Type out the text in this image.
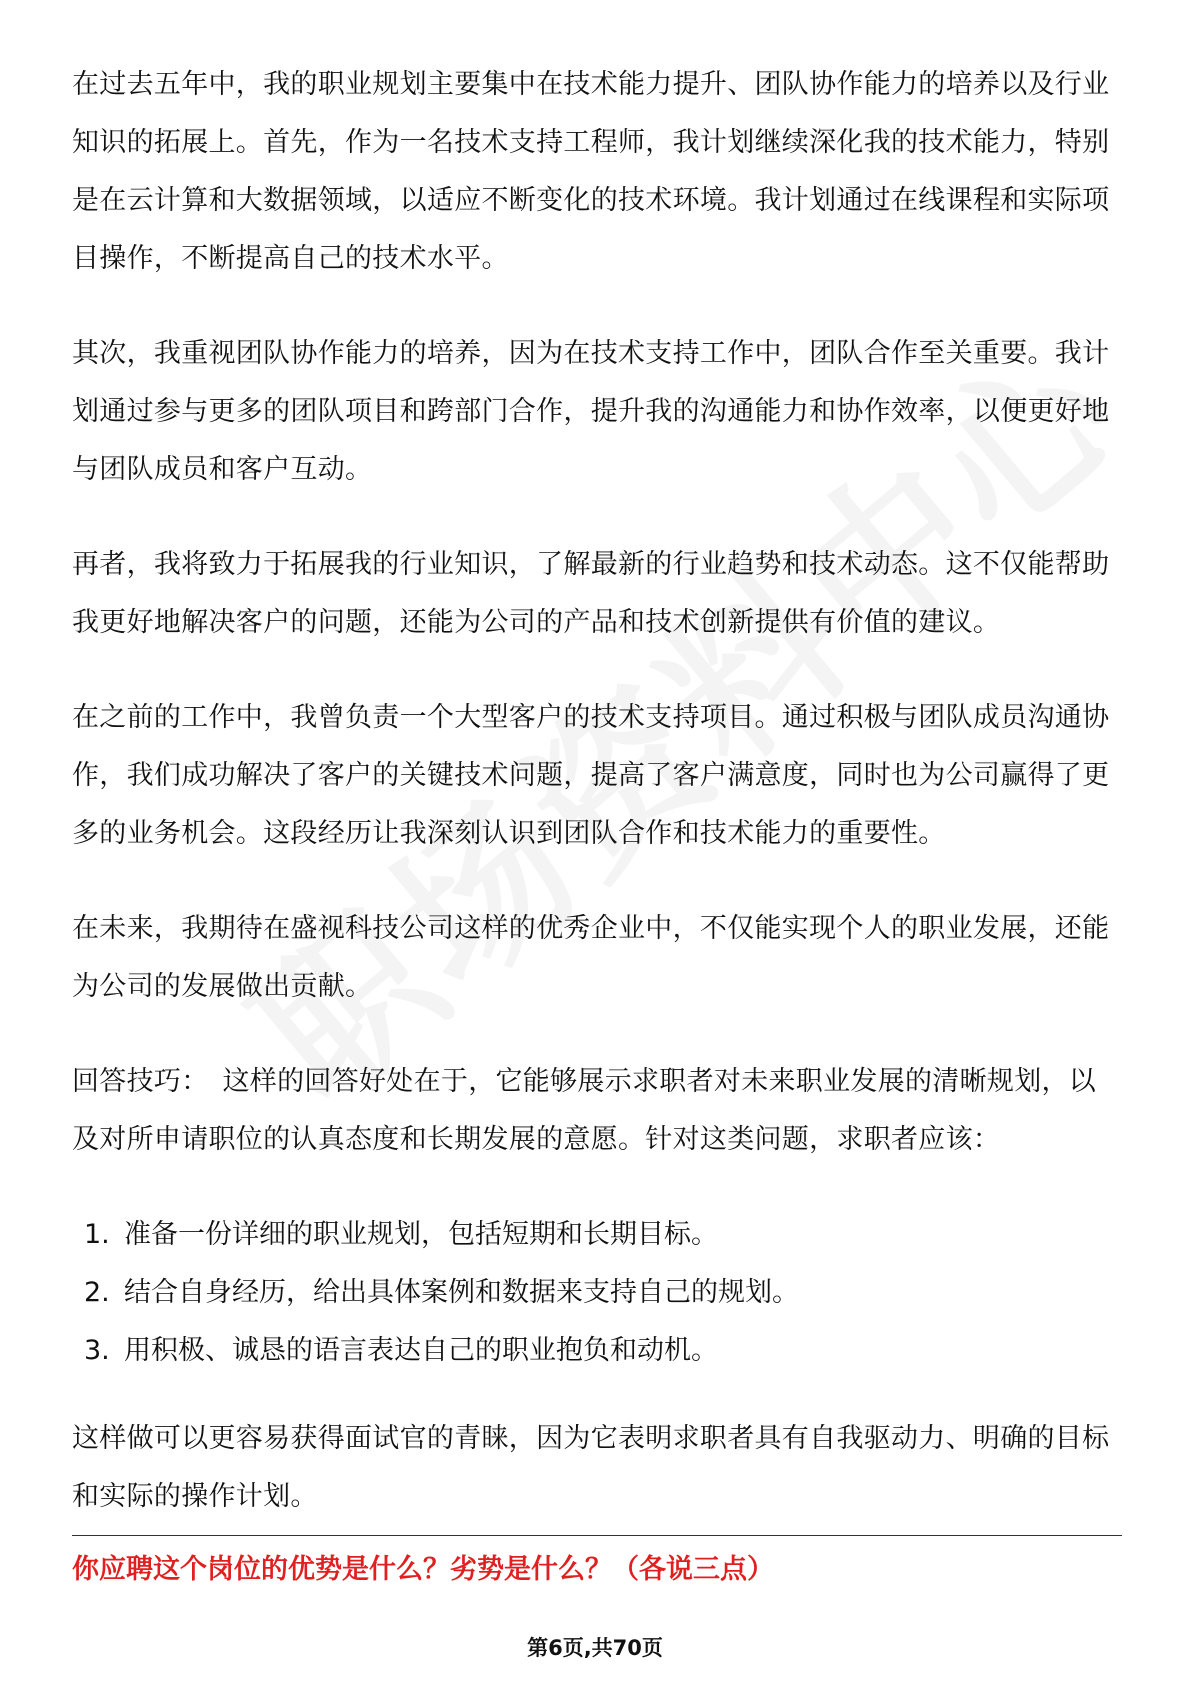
在过去五年中，我的职业规划主要集中在技术能力提升、团队协作能力的培养以及行业知识的拓展上。首先，作为一名技术支持工程师，我计划继续深化我的技术能力，特别是在云计算和大数据领域，以适应不断变化的技术环境。我计划通过在线课程和实际项目操作，不断提高自己的技术水平。

其次，我重视团队协作能力的培养，因为在技术支持工作中，团队合作至关重要。我计划通过参与更多的团队项目和跨部门合作，提升我的沟通能力和协作效率，以便更好地与团队成员和客户互动。

再者，我将致力于拓展我的行业知识，了解最新的行业趋势和技术动态。这不仅能帮助我更好地解决客户的问题，还能为公司的产品和技术创新提供有价值的建议。

在之前的工作中，我曾负责一个大型客户的技术支持项目。通过积极与团队成员沟通协作，我们成功解决了客户的关键技术问题，提高了客户满意度，同时也为公司赢得了更多的业务机会。这段经历让我深刻认识到团队合作和技术能力的重要性。

在未来，我期待在盛视科技公司这样的优秀企业中，不仅能实现个人的职业发展，还能为公司的发展做出贡献。

回答技巧： 这样的回答好处在于，它能够展示求职者对未来职业发展的清晰规划，以及对所申请职位的认真态度和长期发展的意愿。针对这类问题，求职者应该：

1. 准备一份详细的职业规划，包括短期和长期目标。
2. 结合自身经历，给出具体案例和数据来支持自己的规划。
3. 用积极、诚恳的语言表达自己的职业抱负和动机。

这样做可以更容易获得面试官的青睐，因为它表明求职者具有自我驱动力、明确的目标和实际的操作计划。

你应聘这个岗位的优势是什么？劣势是什么？（各说三点）
第6页,共70页
